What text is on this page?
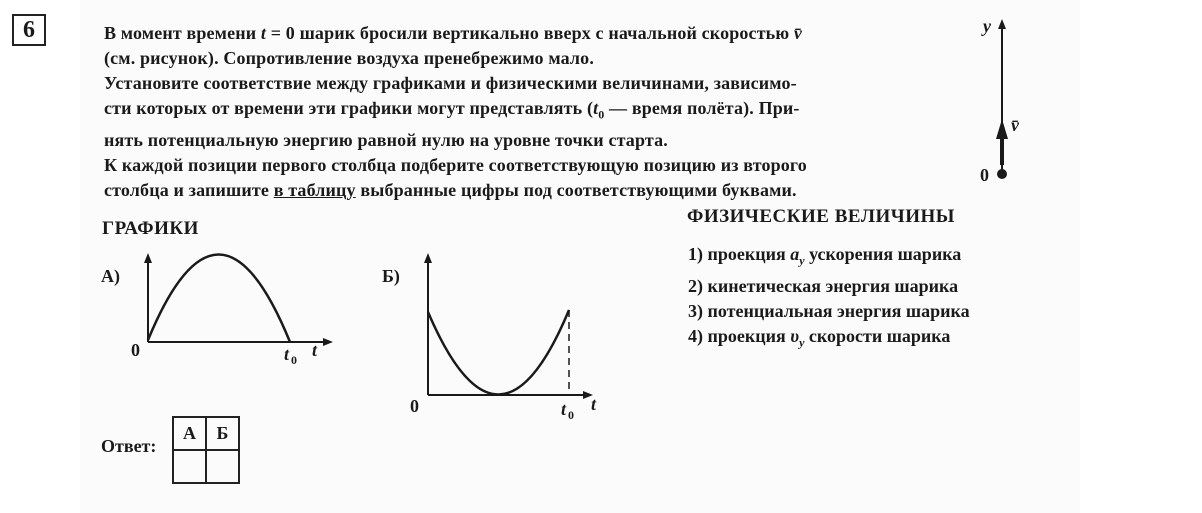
6	В момент времени t = 0 шарик бросили вертикально вверх с начальной скоростью v̄
(см. рисунок). Сопротивление воздуха пренебрежимо мало.
Установите соответствие между графиками и физическими величинами, зависимо-
сти которых от времени эти графики могут представлять ($t_0$ — время полёта). При-
нять потенциальную энергию равной нулю на уровне точки старта.
К каждой позиции первого столбца подберите соответствующую позицию из второго
столбца и запишите в таблицу выбранные цифры под соответствующими буквами.
y
v̄
0
ГРАФИКИ
ФИЗИЧЕСКИЕ ВЕЛИЧИНЫ
А)
0	t 0 t
Б)
0	t 0
t
1) проекция $a_y$ ускорения шарика
2) кинетическая энергия шарика
3) потенциальная энергия шарика
4) проекция $\upsilon_y$ скорости шарика
Ответ:
А	Б
